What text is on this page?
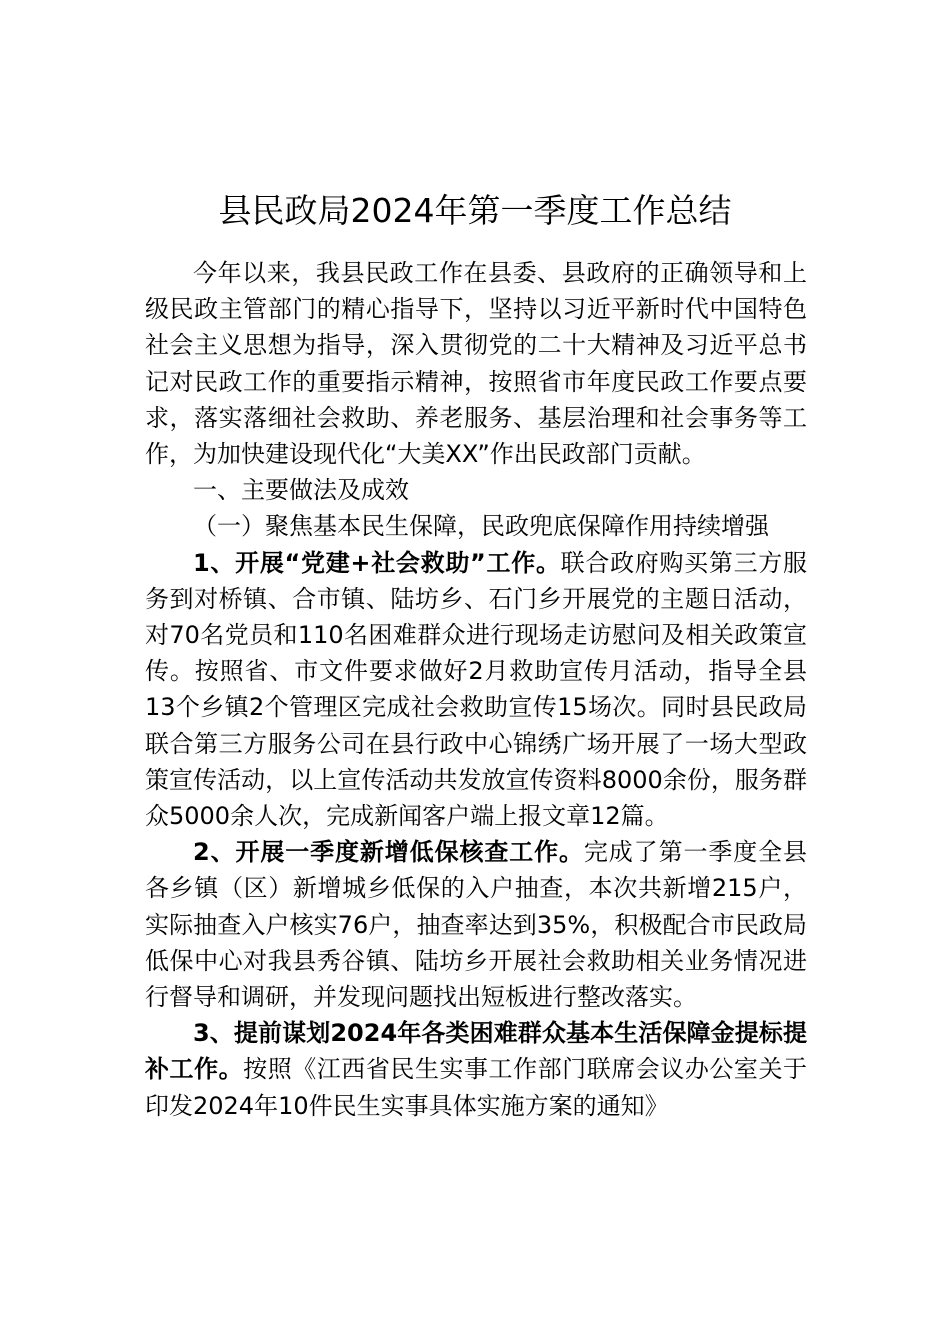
县民政局2024年第一季度工作总结

今年以来，我县民政工作在县委、县政府的正确领导和上级民政主管部门的精心指导下，坚持以习近平新时代中国特色社会主义思想为指导，深入贯彻党的二十大精神及习近平总书记对民政工作的重要指示精神，按照省市年度民政工作要点要求，落实落细社会救助、养老服务、基层治理和社会事务等工作，为加快建设现代化“大美XX”作出民政部门贡献。

一、主要做法及成效

（一）聚焦基本民生保障，民政兜底保障作用持续增强

1、开展“党建+社会救助”工作。联合政府购买第三方服务到对桥镇、合市镇、陆坊乡、石门乡开展党的主题日活动，对70名党员和110名困难群众进行现场走访慰问及相关政策宣传。按照省、市文件要求做好2月救助宣传月活动，指导全县13个乡镇2个管理区完成社会救助宣传15场次。同时县民政局联合第三方服务公司在县行政中心锦绣广场开展了一场大型政策宣传活动，以上宣传活动共发放宣传资料8000余份，服务群众5000余人次，完成新闻客户端上报文章12篇。

2、开展一季度新增低保核查工作。完成了第一季度全县各乡镇（区）新增城乡低保的入户抽查，本次共新增215户，实际抽查入户核实76户，抽查率达到35%，积极配合市民政局低保中心对我县秀谷镇、陆坊乡开展社会救助相关业务情况进行督导和调研，并发现问题找出短板进行整改落实。

3、提前谋划2024年各类困难群众基本生活保障金提标提补工作。按照《江西省民生实事工作部门联席会议办公室关于印发2024年10件民生实事具体实施方案的通知》
